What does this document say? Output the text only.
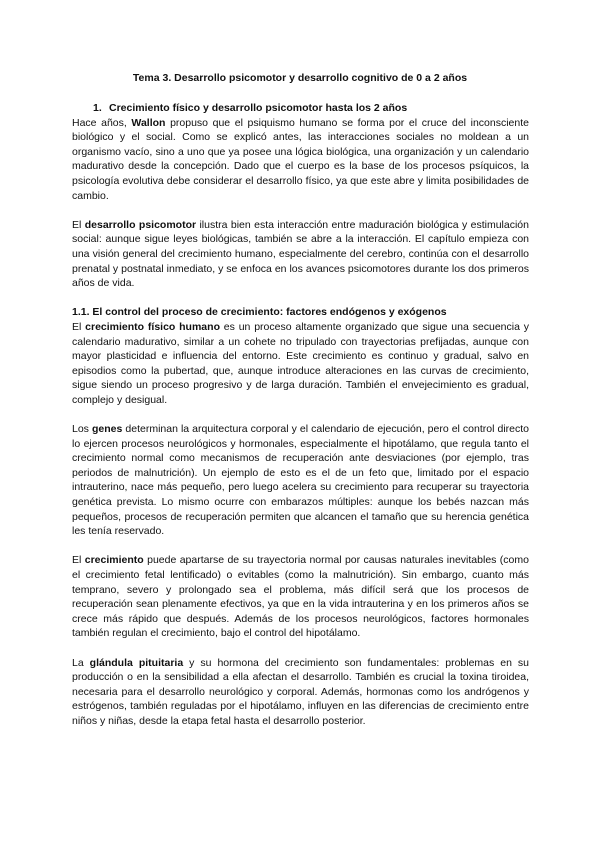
Tema 3. Desarrollo psicomotor y desarrollo cognitivo de 0 a 2 años

1. Crecimiento físico y desarrollo psicomotor hasta los 2 años

Hace años, Wallon propuso que el psiquismo humano se forma por el cruce del inconsciente biológico y el social. Como se explicó antes, las interacciones sociales no moldean a un organismo vacío, sino a uno que ya posee una lógica biológica, una organización y un calendario madurativo desde la concepción. Dado que el cuerpo es la base de los procesos psíquicos, la psicología evolutiva debe considerar el desarrollo físico, ya que este abre y limita posibilidades de cambio.

El desarrollo psicomotor ilustra bien esta interacción entre maduración biológica y estimulación social: aunque sigue leyes biológicas, también se abre a la interacción. El capítulo empieza con una visión general del crecimiento humano, especialmente del cerebro, continúa con el desarrollo prenatal y postnatal inmediato, y se enfoca en los avances psicomotores durante los dos primeros años de vida.

1.1. El control del proceso de crecimiento: factores endógenos y exógenos

El crecimiento físico humano es un proceso altamente organizado que sigue una secuencia y calendario madurativo, similar a un cohete no tripulado con trayectorias prefijadas, aunque con mayor plasticidad e influencia del entorno. Este crecimiento es continuo y gradual, salvo en episodios como la pubertad, que, aunque introduce alteraciones en las curvas de crecimiento, sigue siendo un proceso progresivo y de larga duración. También el envejecimiento es gradual, complejo y desigual.

Los genes determinan la arquitectura corporal y el calendario de ejecución, pero el control directo lo ejercen procesos neurológicos y hormonales, especialmente el hipotálamo, que regula tanto el crecimiento normal como mecanismos de recuperación ante desviaciones (por ejemplo, tras periodos de malnutrición). Un ejemplo de esto es el de un feto que, limitado por el espacio intrauterino, nace más pequeño, pero luego acelera su crecimiento para recuperar su trayectoria genética prevista. Lo mismo ocurre con embarazos múltiples: aunque los bebés nazcan más pequeños, procesos de recuperación permiten que alcancen el tamaño que su herencia genética les tenía reservado.

El crecimiento puede apartarse de su trayectoria normal por causas naturales inevitables (como el crecimiento fetal lentificado) o evitables (como la malnutrición). Sin embargo, cuanto más temprano, severo y prolongado sea el problema, más difícil será que los procesos de recuperación sean plenamente efectivos, ya que en la vida intrauterina y en los primeros años se crece más rápido que después. Además de los procesos neurológicos, factores hormonales también regulan el crecimiento, bajo el control del hipotálamo.

La glándula pituitaria y su hormona del crecimiento son fundamentales: problemas en su producción o en la sensibilidad a ella afectan el desarrollo. También es crucial la toxina tiroidea, necesaria para el desarrollo neurológico y corporal. Además, hormonas como los andrógenos y estrógenos, también reguladas por el hipotálamo, influyen en las diferencias de crecimiento entre niños y niñas, desde la etapa fetal hasta el desarrollo posterior.
